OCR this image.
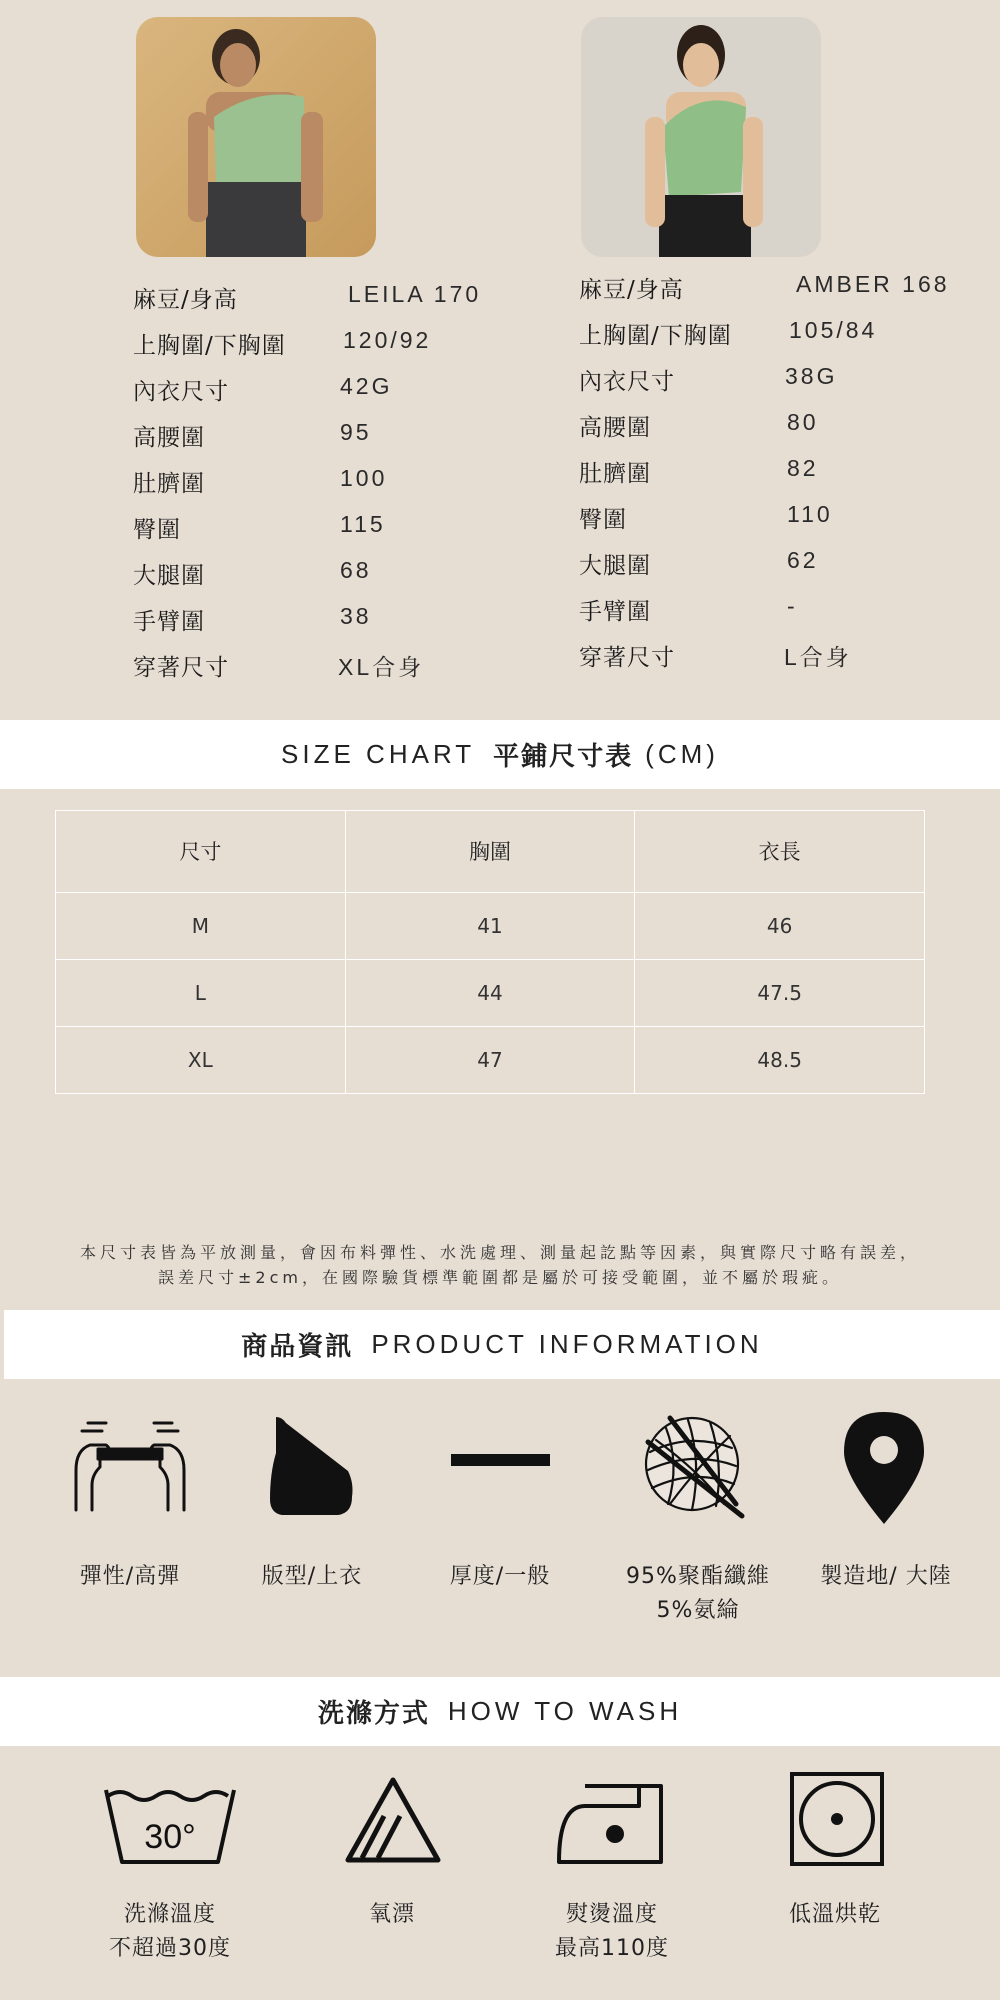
麻豆/身高	LEILA 170
上胸圍/下胸圍 120/92
內衣尺寸	42G
高腰圍	95
肚臍圍	100
臀圍	115
大腿圍	68
手臂圍	38
穿著尺寸	XL合身
麻豆/身高	AMBER 168
上胸圍/下胸圍 105/84
內衣尺寸	38G
高腰圍	80
肚臍圍	82
臀圍	110
大腿圍	62
手臂圍	-
穿著尺寸	L合身
SIZE CHART 平鋪尺寸表 (CM)
尺寸	胸圍	衣長
M	41	46
L	44	47.5
XL	47	48.5
本尺寸表皆為平放測量，會因布料彈性、水洗處理、測量起訖點等因素，與實際尺寸略有誤差，
誤差尺寸±2cm，在國際驗貨標準範圍都是屬於可接受範圍，並不屬於瑕疵。
商品資訊 PRODUCT INFORMATION
彈性/高彈	版型/上衣	厚度/一般	95%聚酯纖維
5%氨綸
製造地/ 大陸
洗滌方式 HOW TO WASH
30°
洗滌溫度
不超過30度
氧漂	熨燙溫度
最高110度
低溫烘乾
